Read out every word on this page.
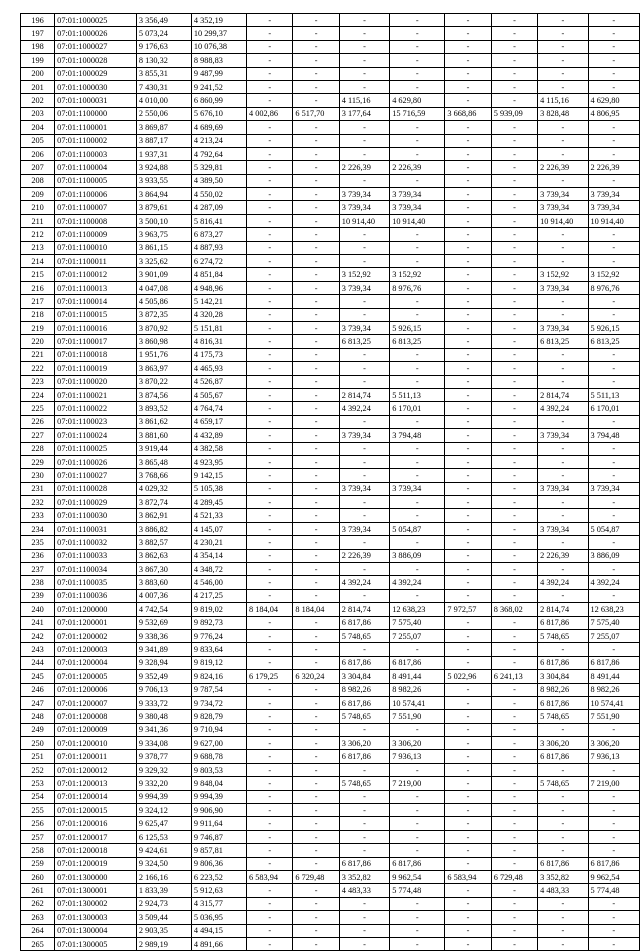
196	07:01:1000025	3 356,49	4 352,19	-	-	-	-	-	-	-	-
197	07:01:1000026	5 073,24	10 299,37	-	-	-	-	-	-	-	-
198	07:01:1000027	9 176,63	10 076,38	-	-	-	-	-	-	-	-
199	07:01:1000028	8 130,32	8 988,83	-	-	-	-	-	-	-	-
200	07:01:1000029	3 855,31	9 487,99	-	-	-	-	-	-	-	-
201	07:01:1000030	7 430,31	9 241,52	-	-	-	-	-	-	-	-
202	07:01:1000031	4 010,00	6 860,99	-	-	4 115,16	4 629,80	-	-	4 115,16	4 629,80
203	07:01:1100000	2 550,06	5 676,10	4 002,86	6 517,70	3 177,64	15 716,59	3 668,86	5 939,09	3 828,48	4 806,95
204	07:01:1100001	3 869,87	4 689,69	-	-	-	-	-	-	-	-
205	07:01:1100002	3 887,17	4 213,24	-	-	-	-	-	-	-	-
206	07:01:1100003	1 937,31	4 792,64	-	-	-	-	-	-	-	-
207	07:01:1100004	3 924,88	5 329,81	-	-	2 226,39	2 226,39	-	-	2 226,39	2 226,39
208	07:01:1100005	3 933,55	4 389,50	-	-	-	-	-	-	-	-
209	07:01:1100006	3 864,94	4 550,02	-	-	3 739,34	3 739,34	-	-	3 739,34	3 739,34
210	07:01:1100007	3 879,61	4 287,09	-	-	3 739,34	3 739,34	-	-	3 739,34	3 739,34
211	07:01:1100008	3 500,10	5 816,41	-	-	10 914,40	10 914,40	-	-	10 914,40	10 914,40
212	07:01:1100009	3 963,75	6 873,27	-	-	-	-	-	-	-	-
213	07:01:1100010	3 861,15	4 887,93	-	-	-	-	-	-	-	-
214	07:01:1100011	3 325,62	6 274,72	-	-	-	-	-	-	-	-
215	07:01:1100012	3 901,09	4 851,84	-	-	3 152,92	3 152,92	-	-	3 152,92	3 152,92
216	07:01:1100013	4 047,08	4 948,96	-	-	3 739,34	8 976,76	-	-	3 739,34	8 976,76
217	07:01:1100014	4 505,86	5 142,21	-	-	-	-	-	-	-	-
218	07:01:1100015	3 872,35	4 320,28	-	-	-	-	-	-	-	-
219	07:01:1100016	3 870,92	5 151,81	-	-	3 739,34	5 926,15	-	-	3 739,34	5 926,15
220	07:01:1100017	3 860,98	4 816,31	-	-	6 813,25	6 813,25	-	-	6 813,25	6 813,25
221	07:01:1100018	1 951,76	4 175,73	-	-	-	-	-	-	-	-
222	07:01:1100019	3 863,97	4 465,93	-	-	-	-	-	-	-	-
223	07:01:1100020	3 870,22	4 526,87	-	-	-	-	-	-	-	-
224	07:01:1100021	3 874,56	4 505,67	-	-	2 814,74	5 511,13	-	-	2 814,74	5 511,13
225	07:01:1100022	3 893,52	4 764,74	-	-	4 392,24	6 170,01	-	-	4 392,24	6 170,01
226	07:01:1100023	3 861,62	4 659,17	-	-	-	-	-	-	-	-
227	07:01:1100024	3 881,60	4 432,89	-	-	3 739,34	3 794,48	-	-	3 739,34	3 794,48
228	07:01:1100025	3 919,44	4 382,58	-	-	-	-	-	-	-	-
229	07:01:1100026	3 865,48	4 923,95	-	-	-	-	-	-	-	-
230	07:01:1100027	3 768,66	9 142,15	-	-	-	-	-	-	-	-
231	07:01:1100028	4 029,32	5 105,38	-	-	3 739,34	3 739,34	-	-	3 739,34	3 739,34
232	07:01:1100029	3 872,74	4 289,45	-	-	-	-	-	-	-	-
233	07:01:1100030	3 862,91	4 521,33	-	-	-	-	-	-	-	-
234	07:01:1100031	3 886,82	4 145,07	-	-	3 739,34	5 054,87	-	-	3 739,34	5 054,87
235	07:01:1100032	3 882,57	4 230,21	-	-	-	-	-	-	-	-
236	07:01:1100033	3 862,63	4 354,14	-	-	2 226,39	3 886,09	-	-	2 226,39	3 886,09
237	07:01:1100034	3 867,30	4 348,72	-	-	-	-	-	-	-	-
238	07:01:1100035	3 883,60	4 546,00	-	-	4 392,24	4 392,24	-	-	4 392,24	4 392,24
239	07:01:1100036	4 007,36	4 217,25	-	-	-	-	-	-	-	-
240	07:01:1200000	4 742,54	9 819,02	8 184,04	8 184,04	2 814,74	12 638,23	7 972,57	8 368,02	2 814,74	12 638,23
241	07:01:1200001	9 532,69	9 892,73	-	-	6 817,86	7 575,40	-	-	6 817,86	7 575,40
242	07:01:1200002	9 338,36	9 776,24	-	-	5 748,65	7 255,07	-	-	5 748,65	7 255,07
243	07:01:1200003	9 341,89	9 833,64	-	-	-	-	-	-	-	-
244	07:01:1200004	9 328,94	9 819,12	-	-	6 817,86	6 817,86	-	-	6 817,86	6 817,86
245	07:01:1200005	9 352,49	9 824,16	6 179,25	6 320,24	3 304,84	8 491,44	5 022,96	6 241,13	3 304,84	8 491,44
246	07:01:1200006	9 706,13	9 787,54	-	-	8 982,26	8 982,26	-	-	8 982,26	8 982,26
247	07:01:1200007	9 333,72	9 734,72	-	-	6 817,86	10 574,41	-	-	6 817,86	10 574,41
248	07:01:1200008	9 380,48	9 828,79	-	-	5 748,65	7 551,90	-	-	5 748,65	7 551,90
249	07:01:1200009	9 341,36	9 710,94	-	-	-	-	-	-	-	-
250	07:01:1200010	9 334,08	9 627,00	-	-	3 306,20	3 306,20	-	-	3 306,20	3 306,20
251	07:01:1200011	9 378,77	9 688,78	-	-	6 817,86	7 936,13	-	-	6 817,86	7 936,13
252	07:01:1200012	9 329,32	9 803,53	-	-	-	-	-	-	-	-
253	07:01:1200013	9 332,20	9 848,04	-	-	5 748,65	7 219,00	-	-	5 748,65	7 219,00
254	07:01:1200014	9 994,39	9 994,39	-	-	-	-	-	-	-	-
255	07:01:1200015	9 324,12	9 906,90	-	-	-	-	-	-	-	-
256	07:01:1200016	9 625,47	9 911,64	-	-	-	-	-	-	-	-
257	07:01:1200017	6 125,53	9 746,87	-	-	-	-	-	-	-	-
258	07:01:1200018	9 424,61	9 857,81	-	-	-	-	-	-	-	-
259	07:01:1200019	9 324,50	9 806,36	-	-	6 817,86	6 817,86	-	-	6 817,86	6 817,86
260	07:01:1300000	2 166,16	6 223,52	6 583,94	6 729,48	3 352,82	9 962,54	6 583,94	6 729,48	3 352,82	9 962,54
261	07:01:1300001	1 833,39	5 912,63	-	-	4 483,33	5 774,48	-	-	4 483,33	5 774,48
262	07:01:1300002	2 924,73	4 315,77	-	-	-	-	-	-	-	-
263	07:01:1300003	3 509,44	5 036,95	-	-	-	-	-	-	-	-
264	07:01:1300004	2 903,35	4 494,15	-	-	-	-	-	-	-	-
265	07:01:1300005	2 989,19	4 891,66	-	-	-	-	-	-	-	-
